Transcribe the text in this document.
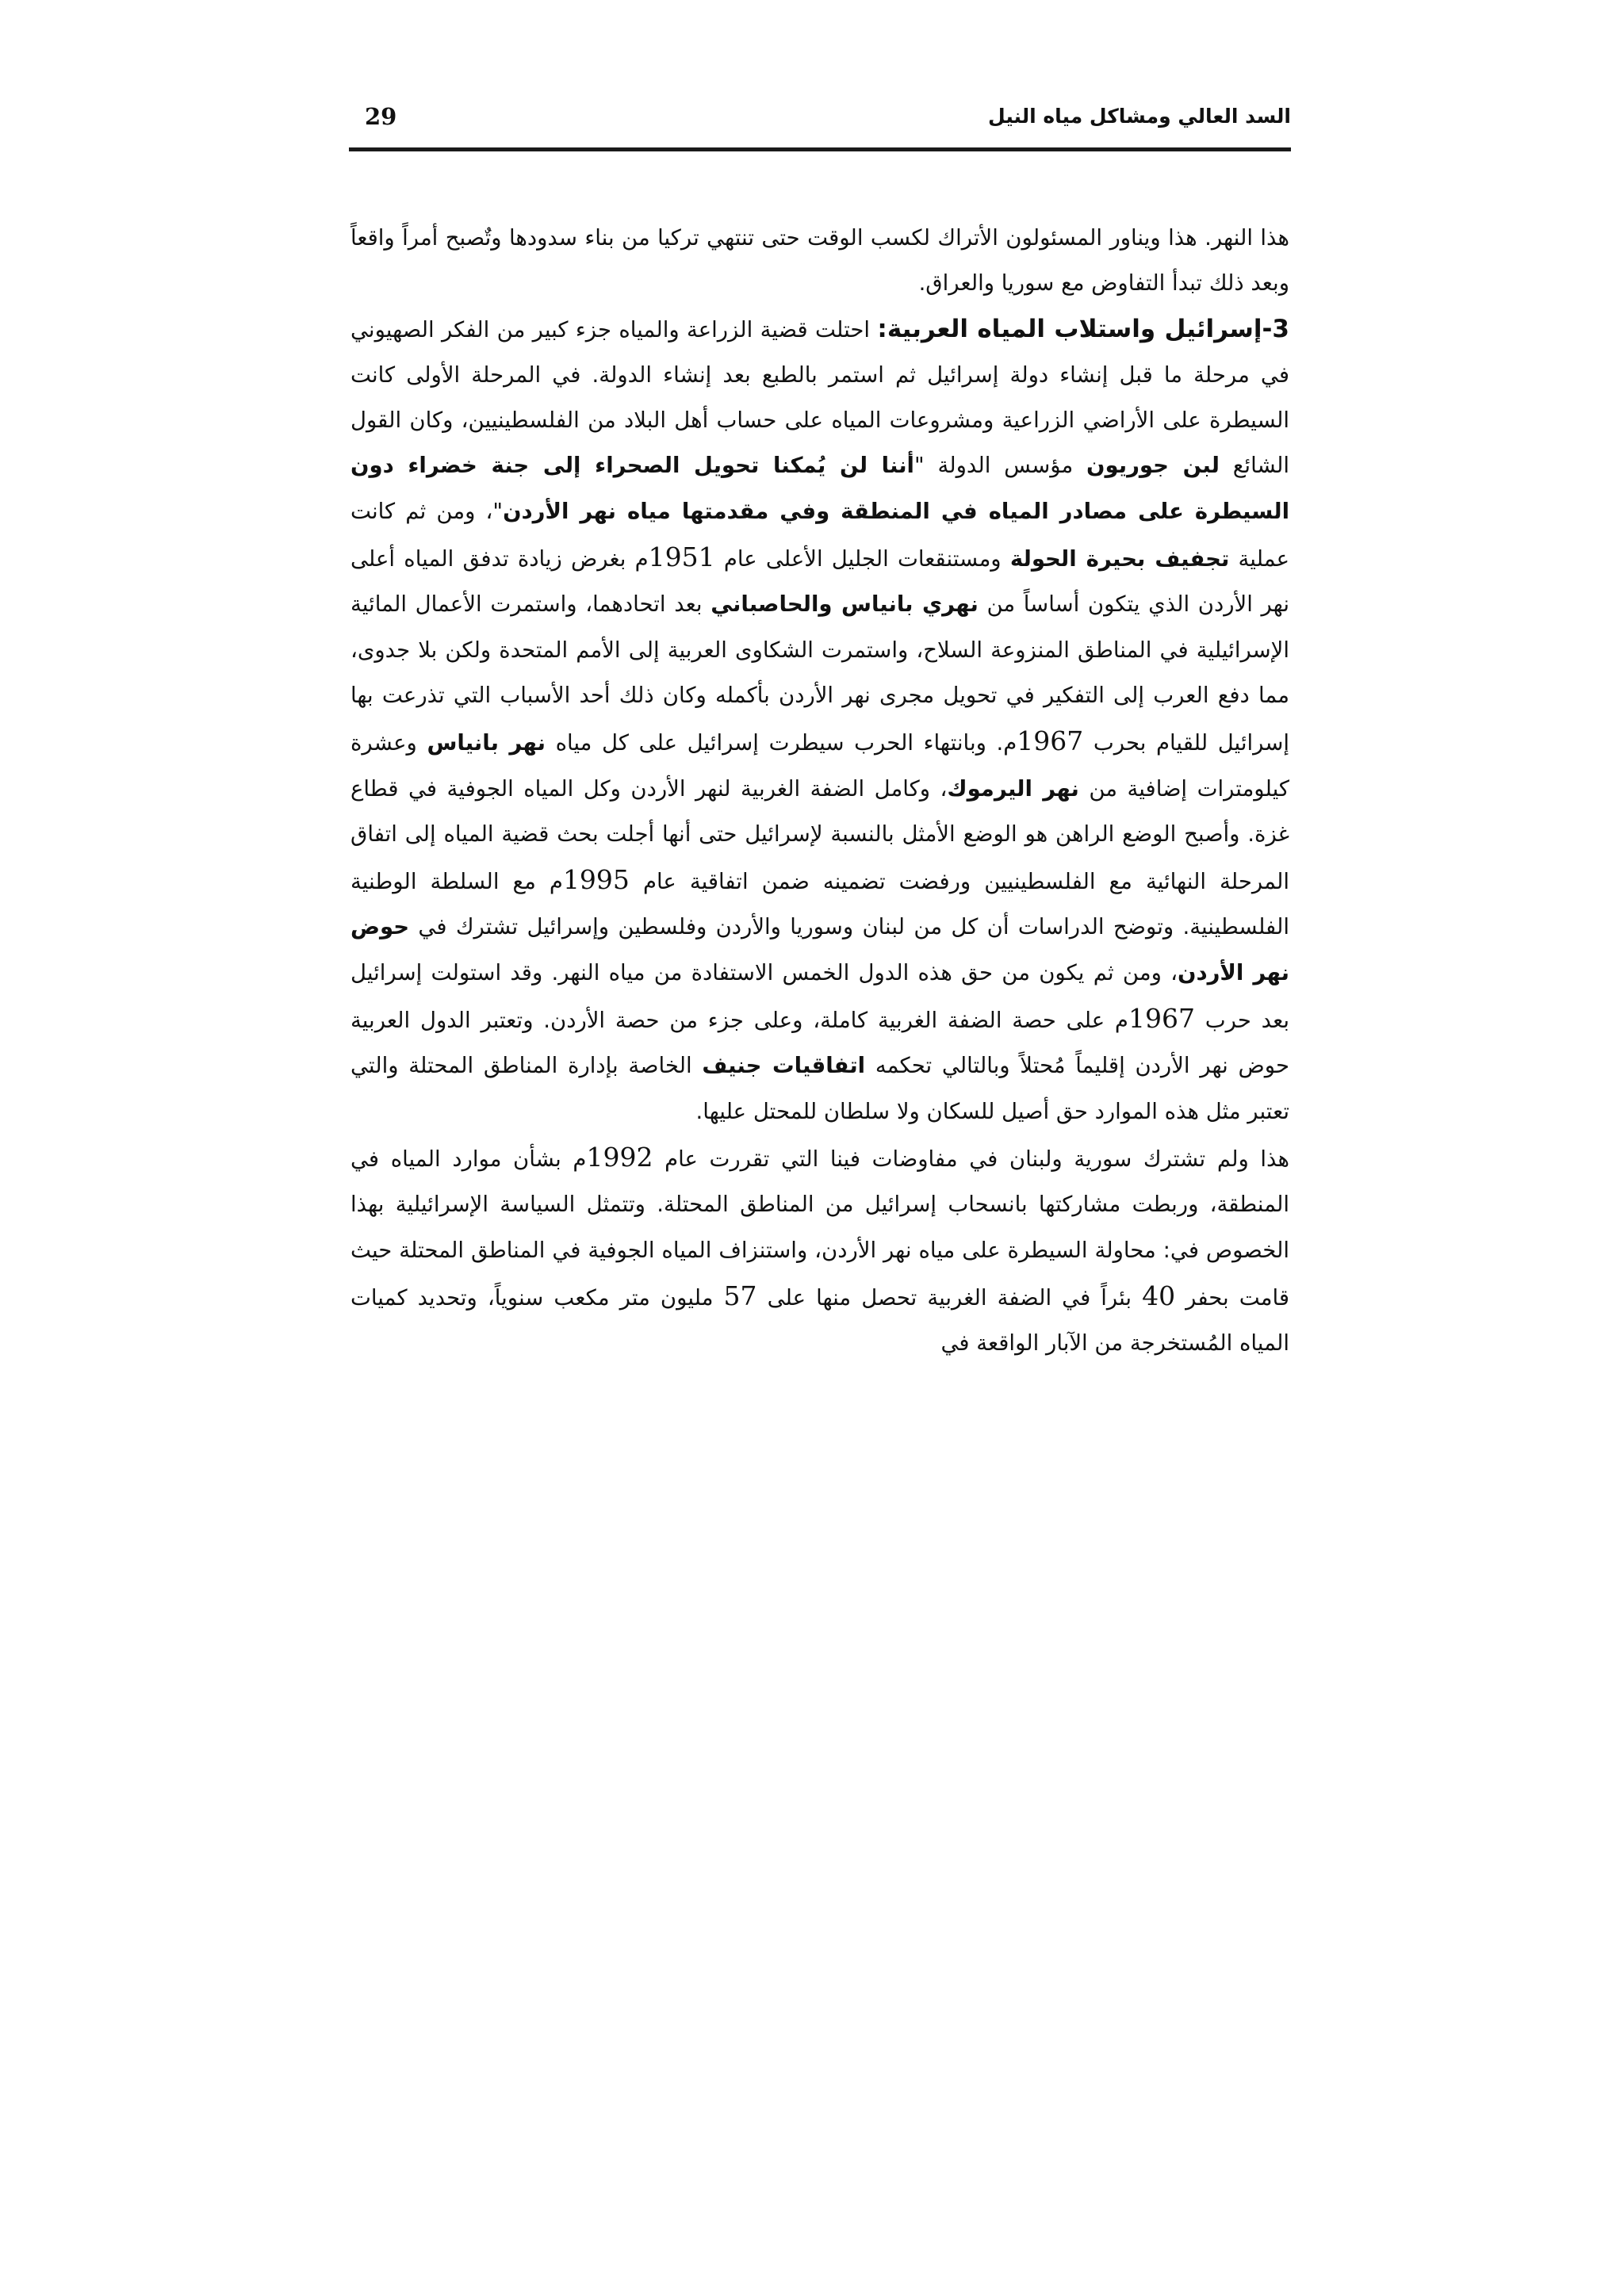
السد العالي ومشاكل مياه النيل
29

هذا النهر. هذا ويناور المسئولون الأتراك لكسب الوقت حتى تنتهي تركيا من بناء سدودها وتٌصبح أمراً واقعاً وبعد ذلك تبدأ التفاوض مع سوريا والعراق.

3-إسرائيل واستلاب المياه العربية: احتلت قضية الزراعة والمياه جزء كبير من الفكر الصهيوني في مرحلة ما قبل إنشاء دولة إسرائيل ثم استمر بالطبع بعد إنشاء الدولة. في المرحلة الأولى كانت السيطرة على الأراضي الزراعية ومشروعات المياه على حساب أهل البلاد من الفلسطينيين، وكان القول الشائع لبن جوريون مؤسس الدولة "أننا لن يُمكنا تحويل الصحراء إلى جنة خضراء دون السيطرة على مصادر المياه في المنطقة وفي مقدمتها مياه نهر الأردن"، ومن ثم كانت عملية تجفيف بحيرة الحولة ومستنقعات الجليل الأعلى عام 1951م بغرض زيادة تدفق المياه أعلى نهر الأردن الذي يتكون أساساً من نهري بانياس والحاصباني بعد اتحادهما، واستمرت الأعمال المائية الإسرائيلية في المناطق المنزوعة السلاح، واستمرت الشكاوى العربية إلى الأمم المتحدة ولكن بلا جدوى، مما دفع العرب إلى التفكير في تحويل مجرى نهر الأردن بأكمله وكان ذلك أحد الأسباب التي تذرعت بها إسرائيل للقيام بحرب 1967م. وبانتهاء الحرب سيطرت إسرائيل على كل مياه نهر بانياس وعشرة كيلومترات إضافية من نهر اليرموك، وكامل الضفة الغربية لنهر الأردن وكل المياه الجوفية في قطاع غزة. وأصبح الوضع الراهن هو الوضع الأمثل بالنسبة لإسرائيل حتى أنها أجلت بحث قضية المياه إلى اتفاق المرحلة النهائية مع الفلسطينيين ورفضت تضمينه ضمن اتفاقية عام 1995م مع السلطة الوطنية الفلسطينية. وتوضح الدراسات أن كل من لبنان وسوريا والأردن وفلسطين وإسرائيل تشترك في حوض نهر الأردن، ومن ثم يكون من حق هذه الدول الخمس الاستفادة من مياه النهر. وقد استولت إسرائيل بعد حرب 1967م على حصة الضفة الغربية كاملة، وعلى جزء من حصة الأردن. وتعتبر الدول العربية حوض نهر الأردن إقليماً مُحتلاً وبالتالي تحكمه اتفاقيات جنيف الخاصة بإدارة المناطق المحتلة والتي تعتبر مثل هذه الموارد حق أصيل للسكان ولا سلطان للمحتل عليها.

هذا ولم تشترك سورية ولبنان في مفاوضات فينا التي تقررت عام 1992م بشأن موارد المياه في المنطقة، وربطت مشاركتها بانسحاب إسرائيل من المناطق المحتلة. وتتمثل السياسة الإسرائيلية بهذا الخصوص في: محاولة السيطرة على مياه نهر الأردن، واستنزاف المياه الجوفية في المناطق المحتلة حيث قامت بحفر 40 بئراً في الضفة الغربية تحصل منها على 57 مليون متر مكعب سنوياً، وتحديد كميات المياه المُستخرجة من الآبار الواقعة في
